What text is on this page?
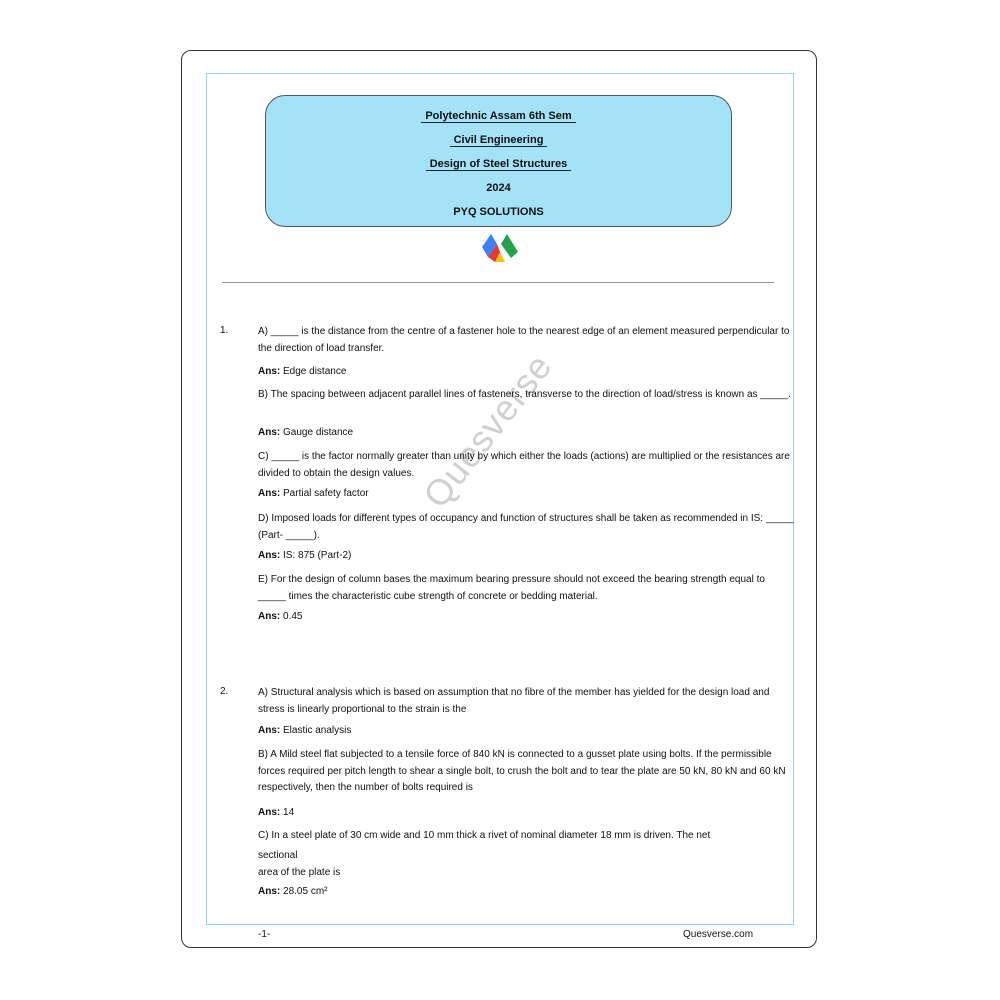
Polytechnic Assam 6th Sem
Civil Engineering
Design of Steel Structures
2024
PYQ SOLUTIONS
Quesverse
1.	A) _____ is the distance from the centre of a fastener hole to the nearest edge of an element measured perpendicular to the direction of load transfer.
Ans: Edge distance
B) The spacing between adjacent parallel lines of fasteners, transverse to the direction of load/stress is known as _____.
Ans: Gauge distance
C) _____ is the factor normally greater than unity by which either the loads (actions) are multiplied or the resistances are divided to obtain the design values.
Ans: Partial safety factor
D) Imposed loads for different types of occupancy and function of structures shall be taken as recommended in IS: _____ (Part- _____).
Ans: IS: 875 (Part-2)
E) For the design of column bases the maximum bearing pressure should not exceed the bearing strength equal to _____ times the characteristic cube strength of concrete or bedding material.
Ans: 0.45
2.	A) Structural analysis which is based on assumption that no fibre of the member has yielded for the design load and stress is linearly proportional to the strain is the
Ans: Elastic analysis
B) A Mild steel flat subjected to a tensile force of 840 kN is connected to a gusset plate using bolts. If the permissible forces required per pitch length to shear a single bolt, to crush the bolt and to tear the plate are 50 kN, 80 kN and 60 kN respectively, then the number of bolts required is
Ans: 14
C) In a steel plate of 30 cm wide and 10 mm thick a rivet of nominal diameter 18 mm is driven. The net
sectional
area of the plate is
Ans: 28.05 cm²
-1-	Quesverse.com
